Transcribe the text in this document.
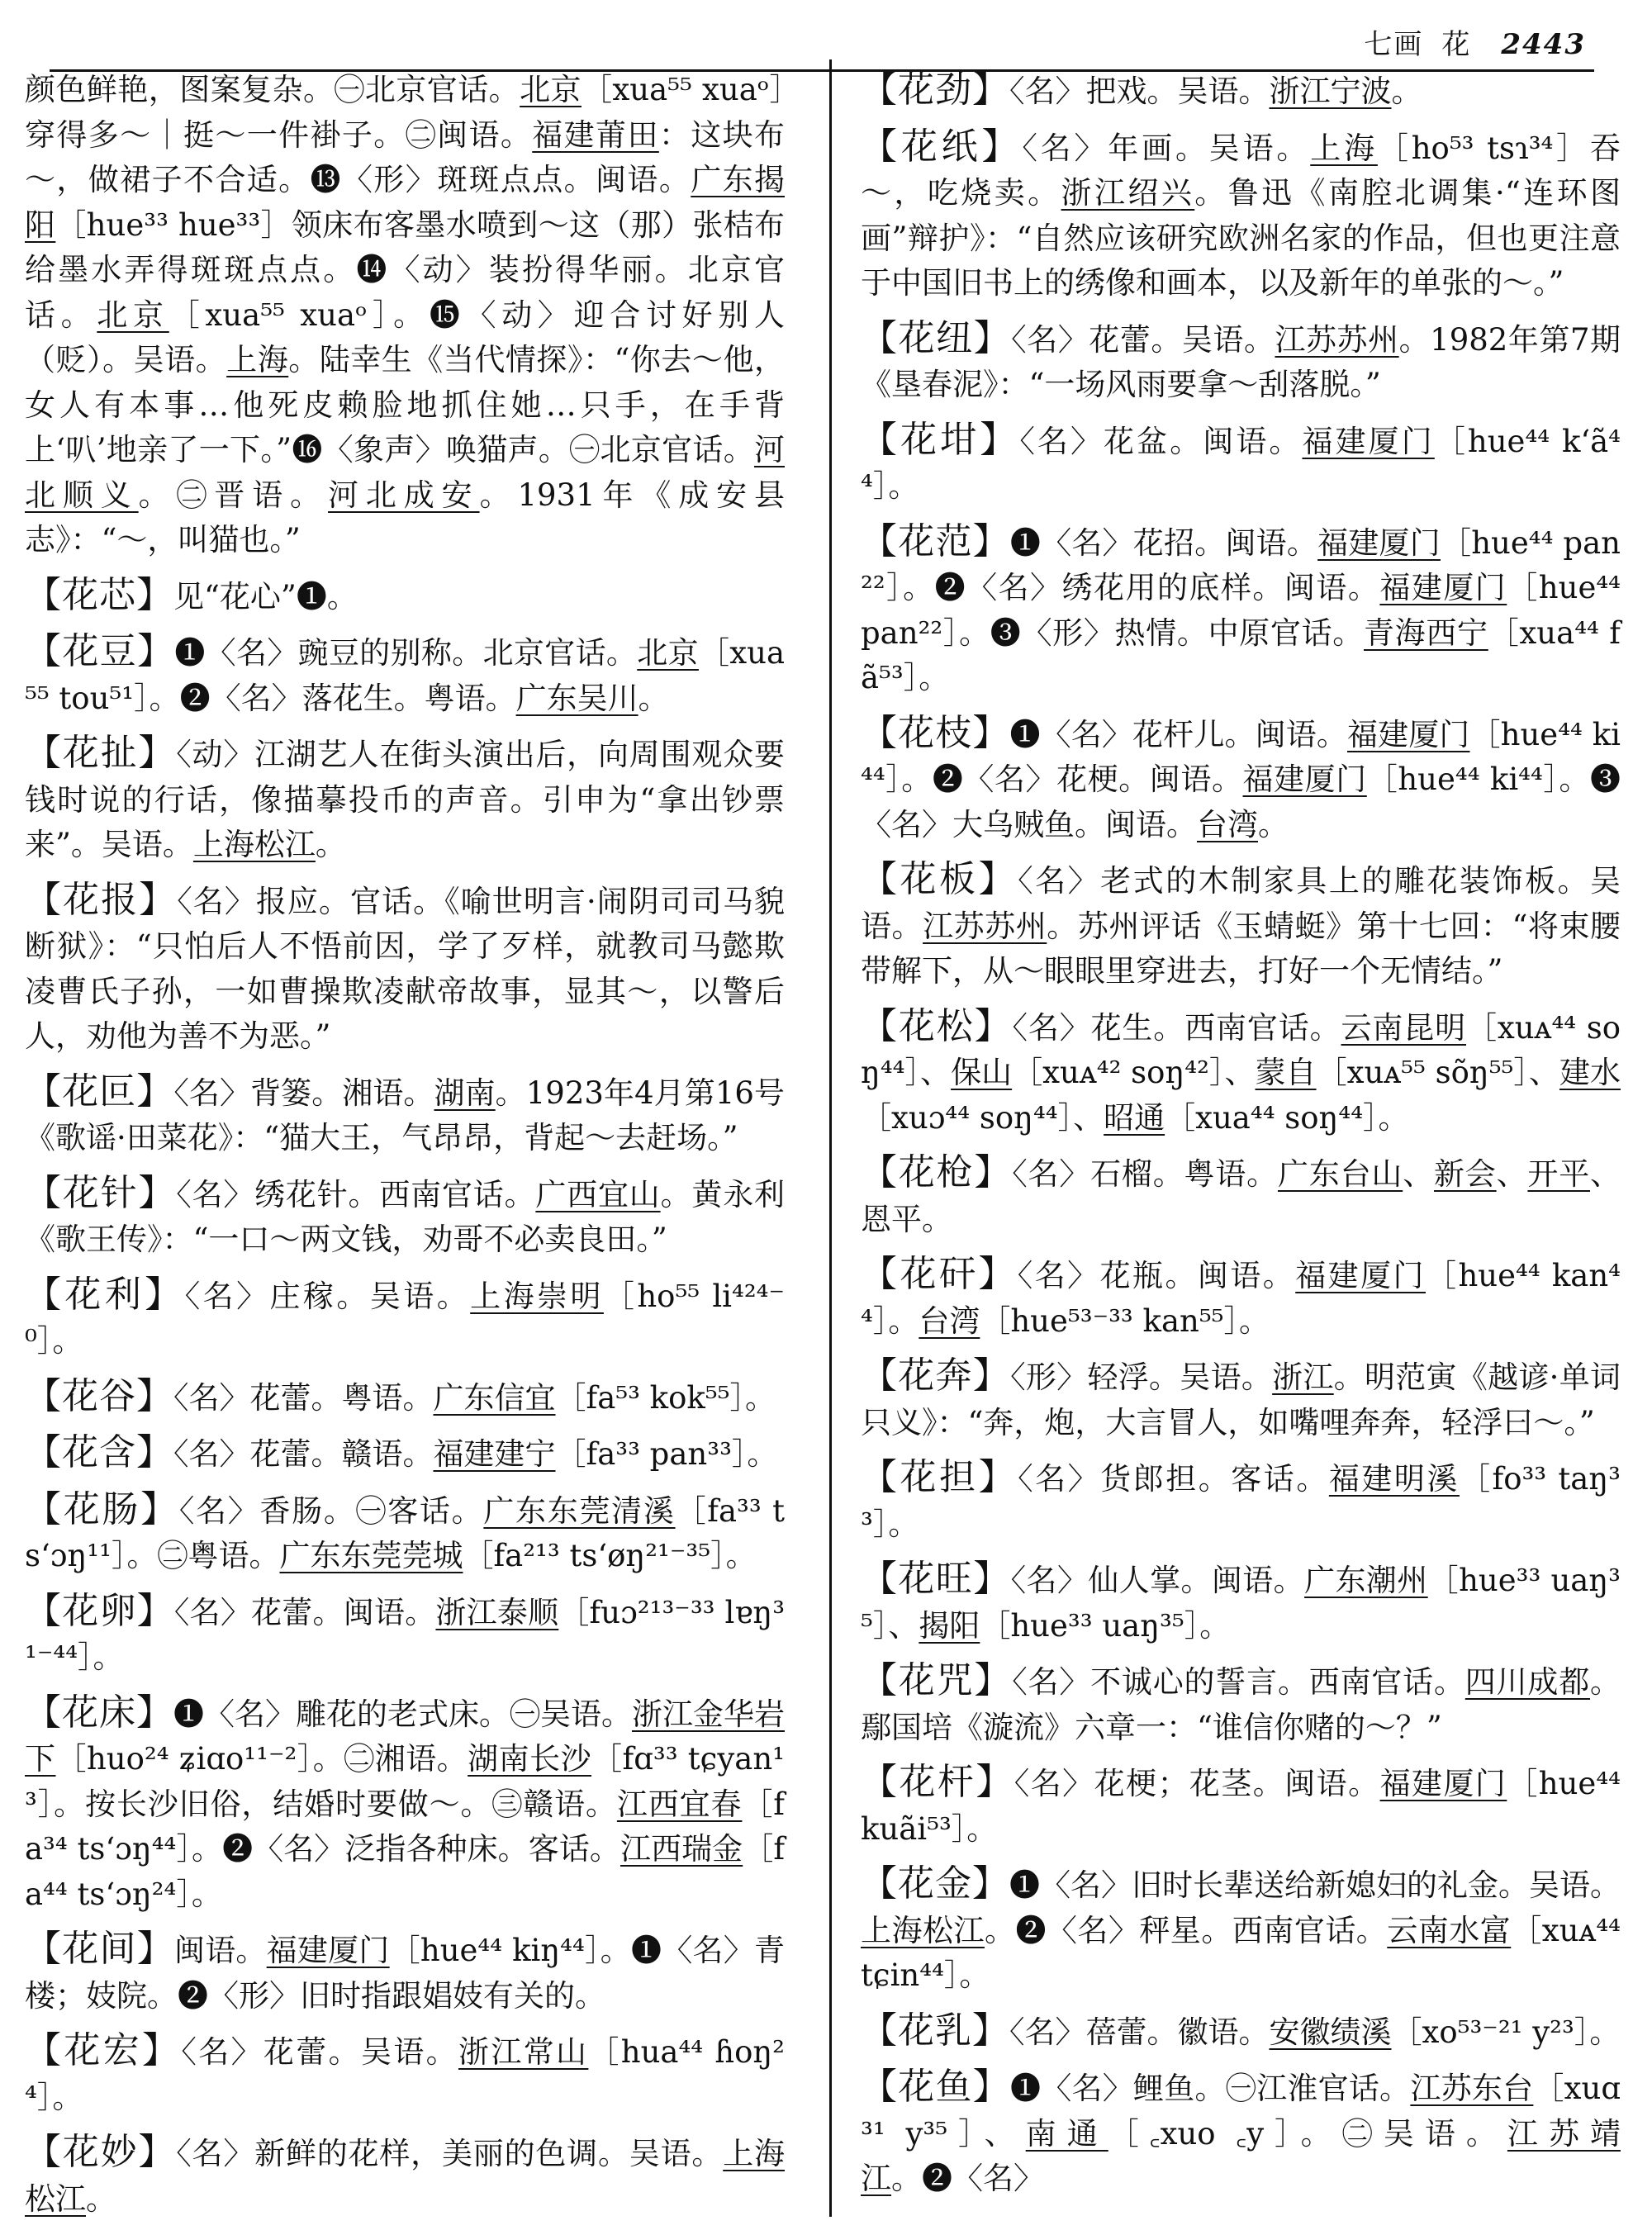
七画 花 2443

颜色鲜艳，图案复杂。㊀北京官话。北京［xua⁵⁵ xuaᵒ］穿得多～｜挺～一件褂子。㊁闽语。福建莆田：这块布～，做裙子不合适。⓭〈形〉斑斑点点。闽语。广东揭阳［hue³³ hue³³］领床布客墨水喷到～这（那）张桔布给墨水弄得斑斑点点。⓮〈动〉装扮得华丽。北京官话。北京［xua⁵⁵ xuaᵒ］。⓯〈动〉迎合讨好别人（贬）。吴语。上海。陆幸生《当代情探》：“你去～他，女人有本事…他死皮赖脸地抓住她…只手，在手背上‘叭’地亲了一下。”⓰〈象声〉唤猫声。㊀北京官话。河北顺义。㊁晋语。河北成安。1931年《成安县志》：“～，叫猫也。”

【花芯】见“花心”❶。

【花豆】❶〈名〉豌豆的别称。北京官话。北京［xua⁵⁵ tou⁵¹］。❷〈名〉落花生。粤语。广东吴川。

【花扯】〈动〉江湖艺人在街头演出后，向周围观众要钱时说的行话，像描摹投币的声音。引申为“拿出钞票来”。吴语。上海松江。

【花报】〈名〉报应。官话。《喻世明言·闹阴司司马貌断狱》：“只怕后人不悟前因，学了歹样，就教司马懿欺凌曹氏子孙，一如曹操欺凌献帝故事，显其～，以警后人，劝他为善不为恶。”

【花叵】〈名〉背篓。湘语。湖南。1923年4月第16号《歌谣·田菜花》：“猫大王，气昂昂，背起～去赶场。”

【花针】〈名〉绣花针。西南官话。广西宜山。黄永利《歌王传》：“一口～两文钱，劝哥不必卖良田。”

【花利】〈名〉庄稼。吴语。上海崇明［ho⁵⁵ li⁴²⁴⁻⁰］。

【花谷】〈名〉花蕾。粤语。广东信宜［fa⁵³ kok⁵⁵］。

【花含】〈名〉花蕾。赣语。福建建宁［fa³³ pan³³］。

【花肠】〈名〉香肠。㊀客话。广东东莞清溪［fa³³ ts‘ɔŋ¹¹］。㊁粤语。广东东莞莞城［fa²¹³ ts‘øŋ²¹⁻³⁵］。

【花卵】〈名〉花蕾。闽语。浙江泰顺［fuɔ²¹³⁻³³ lɐŋ³¹⁻⁴⁴］。

【花床】❶〈名〉雕花的老式床。㊀吴语。浙江金华岩下［huo²⁴ ʑiɑo¹¹⁻²］。㊁湘语。湖南长沙［fɑ³³ tɕyan¹³］。按长沙旧俗，结婚时要做～。㊂赣语。江西宜春［fa³⁴ ts‘ɔŋ⁴⁴］。❷〈名〉泛指各种床。客话。江西瑞金［fa⁴⁴ ts‘ɔŋ²⁴］。

【花间】闽语。福建厦门［hue⁴⁴ kiŋ⁴⁴］。❶〈名〉青楼；妓院。❷〈形〉旧时指跟娼妓有关的。

【花宏】〈名〉花蕾。吴语。浙江常山［hua⁴⁴ ɦoŋ²⁴］。

【花妙】〈名〉新鲜的花样，美丽的色调。吴语。上海松江。

【花劲】〈名〉把戏。吴语。浙江宁波。

【花纸】〈名〉年画。吴语。上海［ho⁵³ tsɿ³⁴］吞～，吃烧卖。浙江绍兴。鲁迅《南腔北调集·“连环图画”辩护》：“自然应该研究欧洲名家的作品，但也更注意于中国旧书上的绣像和画本，以及新年的单张的～。”

【花纽】〈名〉花蕾。吴语。江苏苏州。1982年第7期《垦春泥》：“一场风雨要拿～刮落脱。”

【花坩】〈名〉花盆。闽语。福建厦门［hue⁴⁴ k‘ã⁴⁴］。

【花范】❶〈名〉花招。闽语。福建厦门［hue⁴⁴ pan²²］。❷〈名〉绣花用的底样。闽语。福建厦门［hue⁴⁴ pan²²］。❸〈形〉热情。中原官话。青海西宁［xua⁴⁴ fã⁵³］。

【花枝】❶〈名〉花杆儿。闽语。福建厦门［hue⁴⁴ ki⁴⁴］。❷〈名〉花梗。闽语。福建厦门［hue⁴⁴ ki⁴⁴］。❸〈名〉大乌贼鱼。闽语。台湾。

【花板】〈名〉老式的木制家具上的雕花装饰板。吴语。江苏苏州。苏州评话《玉蜻蜓》第十七回：“将束腰带解下，从～眼眼里穿进去，打好一个无情结。”

【花松】〈名〉花生。西南官话。云南昆明［xuᴀ⁴⁴ soŋ⁴⁴］、保山［xuᴀ⁴² soŋ⁴²］、蒙自［xuᴀ⁵⁵ sõŋ⁵⁵］、建水［xuɔ⁴⁴ soŋ⁴⁴］、昭通［xua⁴⁴ soŋ⁴⁴］。

【花枪】〈名〉石榴。粤语。广东台山、新会、开平、恩平。

【花矸】〈名〉花瓶。闽语。福建厦门［hue⁴⁴ kan⁴⁴］。台湾［hue⁵³⁻³³ kan⁵⁵］。

【花奔】〈形〉轻浮。吴语。浙江。明范寅《越谚·单词只义》：“奔，炮，大言冒人，如嘴哩奔奔，轻浮曰～。”

【花担】〈名〉货郎担。客话。福建明溪［fo³³ taŋ³³］。

【花旺】〈名〉仙人掌。闽语。广东潮州［hue³³ uaŋ³⁵］、揭阳［hue³³ uaŋ³⁵］。

【花咒】〈名〉不诚心的誓言。西南官话。四川成都。鄢国培《漩流》六章一：“谁信你赌的～？”

【花杆】〈名〉花梗；花茎。闽语。福建厦门［hue⁴⁴ kuãi⁵³］。

【花金】❶〈名〉旧时长辈送给新媳妇的礼金。吴语。上海松江。❷〈名〉秤星。西南官话。云南水富［xuᴀ⁴⁴ tɕin⁴⁴］。

【花乳】〈名〉蓓蕾。徽语。安徽绩溪［xo⁵³⁻²¹ y²³］。

【花鱼】❶〈名〉鲤鱼。㊀江淮官话。江苏东台［xuɑ³¹ y³⁵］、南通［꜀xuo ꜀y］。㊁吴语。江苏靖江。❷〈名〉
